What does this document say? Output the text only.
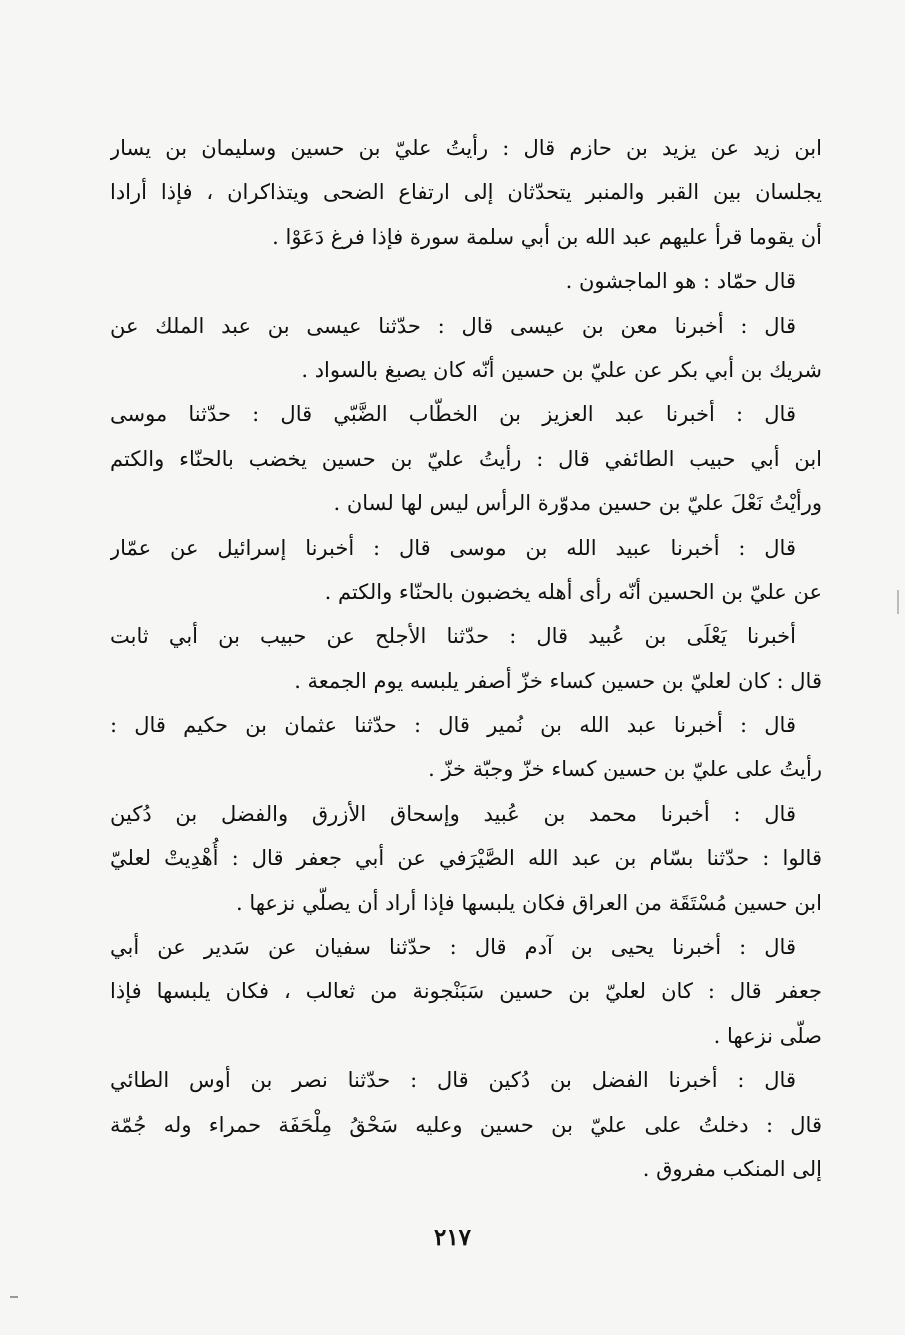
ابن زيد عن يزيد بن حازم قال : رأيتُ عليّ بن حسين وسليمان بن يسار
يجلسان بين القبر والمنبر يتحدّثان إلى ارتفاع الضحى ويتذاكران ، فإذا أرادا
أن يقوما قرأ عليهم عبد الله بن أبي سلمة سورة فإذا فرغ دَعَوْا .
قال حمّاد : هو الماجشون .
قال : أخبرنا معن بن عيسى قال : حدّثنا عيسى بن عبد الملك عن
شريك بن أبي بكر عن عليّ بن حسين أنّه كان يصبغ بالسواد .
قال : أخبرنا عبد العزيز بن الخطّاب الضَّبّي قال : حدّثنا موسى
ابن أبي حبيب الطائفي قال : رأيتُ عليّ بن حسين يخضب بالحنّاء والكتم
ورأيْتُ نَعْلَ عليّ بن حسين مدوّرة الرأس ليس لها لسان .
قال : أخبرنا عبيد الله بن موسى قال : أخبرنا إسرائيل عن عمّار
عن عليّ بن الحسين أنّه رأى أهله يخضبون بالحنّاء والكتم .
أخبرنا يَعْلَى بن عُبيد قال : حدّثنا الأجلح عن حبيب بن أبي ثابت
قال : كان لعليّ بن حسين كساء خزّ أصفر يلبسه يوم الجمعة .
قال : أخبرنا عبد الله بن نُمير قال : حدّثنا عثمان بن حكيم قال :
رأيتُ على عليّ بن حسين كساء خزّ وجبّة خزّ .
قال : أخبرنا محمد بن عُبيد وإسحاق الأزرق والفضل بن دُكين
قالوا : حدّثنا بسّام بن عبد الله الصَّيْرَفي عن أبي جعفر قال : أُهْدِيتْ لعليّ
ابن حسين مُسْتَقَة من العراق فكان يلبسها فإذا أراد أن يصلّي نزعها .
قال : أخبرنا يحيى بن آدم قال : حدّثنا سفيان عن سَدير عن أبي
جعفر قال : كان لعليّ بن حسين سَبَنْجونة من ثعالب ، فكان يلبسها فإذا
صلّى نزعها .
قال : أخبرنا الفضل بن دُكين قال : حدّثنا نصر بن أوس الطائي
قال : دخلتُ على عليّ بن حسين وعليه سَحْقُ مِلْحَفَة حمراء وله جُمّة
إلى المنكب مفروق .
٢١٧
